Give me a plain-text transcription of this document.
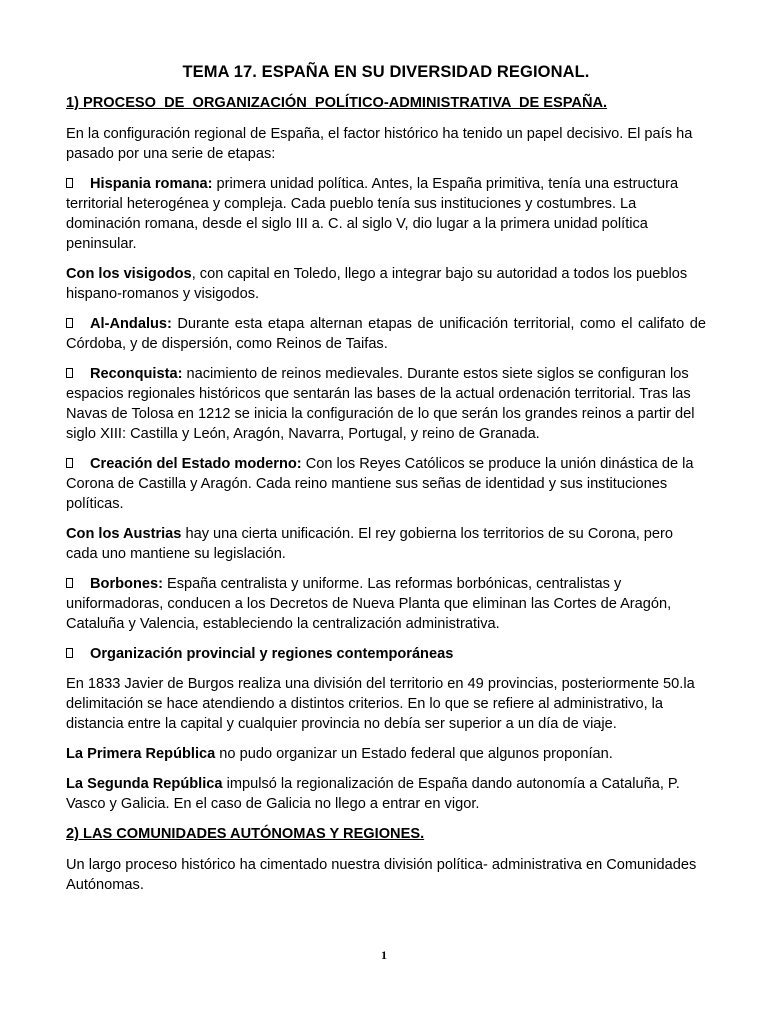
TEMA 17. ESPAÑA EN SU DIVERSIDAD REGIONAL.
1) PROCESO  DE  ORGANIZACIÓN  POLÍTICO-ADMINISTRATIVA  DE ESPAÑA.

En la configuración regional de España, el factor histórico ha tenido un papel decisivo. El país ha pasado por una serie de etapas:

Hispania romana: primera unidad política. Antes, la España primitiva, tenía una estructura territorial heterogénea y compleja. Cada pueblo tenía sus instituciones y costumbres. La dominación romana, desde el siglo III a. C. al siglo V, dio lugar a la primera unidad política peninsular.

Con los visigodos, con capital en Toledo, llego a integrar bajo su autoridad a todos los pueblos hispano-romanos y visigodos.

Al-Andalus: Durante esta etapa alternan etapas de unificación territorial, como el califato de Córdoba, y de dispersión, como Reinos de Taifas.

Reconquista: nacimiento de reinos medievales. Durante estos siete siglos se configuran los espacios regionales históricos que sentarán las bases de la actual ordenación territorial. Tras las Navas de Tolosa en 1212 se inicia la configuración de lo que serán los grandes reinos a partir del siglo XIII: Castilla y León, Aragón, Navarra, Portugal, y reino de Granada.

Creación del Estado moderno: Con los Reyes Católicos se produce la unión dinástica de la Corona de Castilla y Aragón. Cada reino mantiene sus señas de identidad y sus instituciones políticas.

Con los Austrias hay una cierta unificación. El rey gobierna los territorios de su Corona, pero cada uno mantiene su legislación.

Borbones: España centralista y uniforme. Las reformas borbónicas, centralistas y uniformadoras, conducen a los Decretos de Nueva Planta que eliminan las Cortes de Aragón, Cataluña y Valencia, estableciendo la centralización administrativa.

Organización provincial y regiones contemporáneas

En 1833 Javier de Burgos realiza una división del territorio en 49 provincias, posteriormente 50.la delimitación se hace atendiendo a distintos criterios. En lo que se refiere al administrativo, la distancia entre la capital y cualquier provincia no debía ser superior a un día de viaje.

La Primera República no pudo organizar un Estado federal que algunos proponían.

La Segunda República impulsó la regionalización de España dando autonomía a Cataluña, P. Vasco y Galicia. En el caso de Galicia no llego a entrar en vigor.

2) LAS COMUNIDADES AUTÓNOMAS Y REGIONES.

Un largo proceso histórico ha cimentado nuestra división política- administrativa en Comunidades Autónomas.

1
